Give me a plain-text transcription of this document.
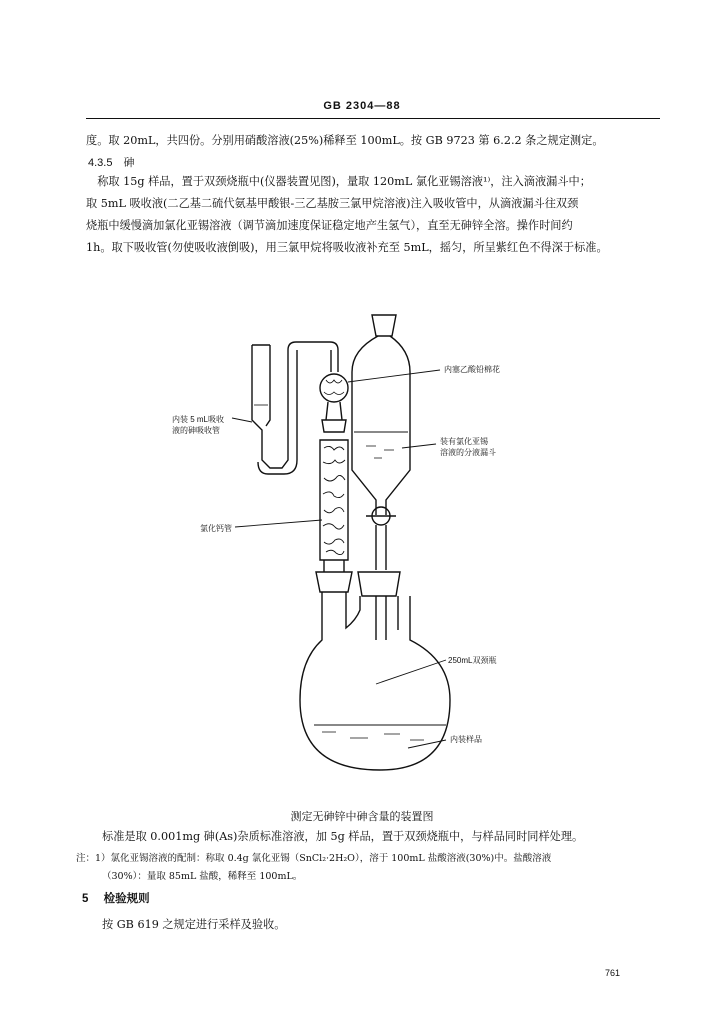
GB 2304—88
度。取 20mL，共四份。分别用硝酸溶液(25%)稀释至 100mL。按 GB 9723 第 6.2.2 条之规定测定。
4.3.5　砷
　称取 15g 样品，置于双颈烧瓶中(仪器装置见图)，量取 120mL 氯化亚锡溶液¹⁾，注入滴液漏斗中；
取 5mL 吸收液(二乙基二硫代氨基甲酸银-三乙基胺三氯甲烷溶液)注入吸收管中，从滴液漏斗往双颈
烧瓶中缓慢滴加氯化亚锡溶液（调节滴加速度保证稳定地产生氢气），直至无砷锌全溶。操作时间约
1h。取下吸收管(勿使吸收液倒吸)，用三氯甲烷将吸收液补充至 5mL，摇匀，所呈紫红色不得深于标准。
内塞乙酸铅棉花
内装 5 mL吸收
液的砷吸收管
装有氯化亚锡
溶液的分液漏斗
氯化钙管
250mL双颈瓶
内装样品
测定无砷锌中砷含量的装置图
标准是取 0.001mg 砷(As)杂质标准溶液，加 5g 样品，置于双颈烧瓶中，与样品同时同样处理。
注：1）氯化亚锡溶液的配制：称取 0.4g 氯化亚锡（SnCl₂·2H₂O），溶于 100mL 盐酸溶液(30%)中。盐酸溶液
（30%）：量取 85mL 盐酸，稀释至 100mL。
5 检验规则
按 GB 619 之规定进行采样及验收。
761
